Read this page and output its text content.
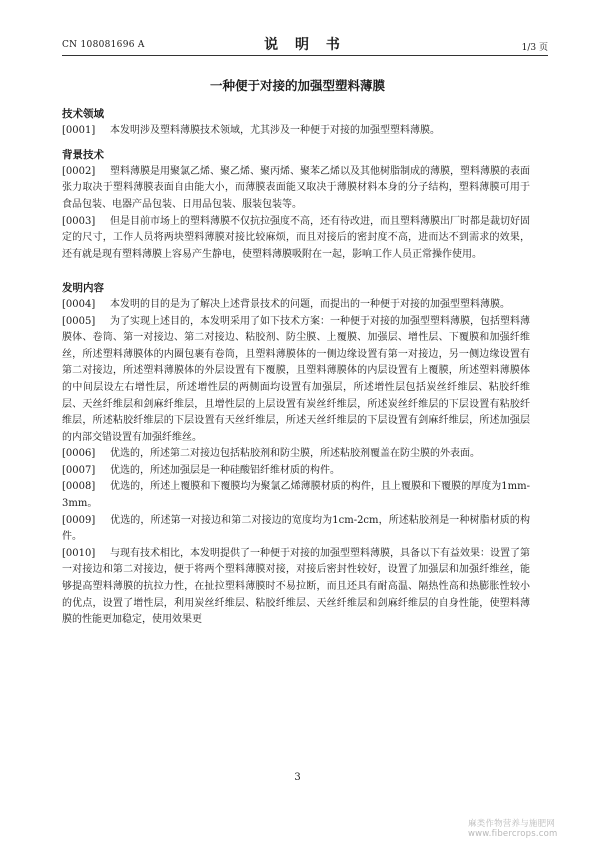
CN 108081696 A	说 明 书	1/3 页
一种便于对接的加强型塑料薄膜
技术领域

[0001] 本发明涉及塑料薄膜技术领域，尤其涉及一种便于对接的加强型塑料薄膜。

背景技术

[0002] 塑料薄膜是用聚氯乙烯、聚乙烯、聚丙烯、聚苯乙烯以及其他树脂制成的薄膜，塑料薄膜的表面张力取决于塑料薄膜表面自由能大小，而薄膜表面能又取决于薄膜材料本身的分子结构，塑料薄膜可用于食品包装、电器产品包装、日用品包装、服装包装等。

[0003] 但是目前市场上的塑料薄膜不仅抗拉强度不高，还有待改进，而且塑料薄膜出厂时都是裁切好固定的尺寸，工作人员将两块塑料薄膜对接比较麻烦，而且对接后的密封度不高，进而达不到需求的效果，还有就是现有塑料薄膜上容易产生静电，使塑料薄膜吸附在一起，影响工作人员正常操作使用。

发明内容

[0004] 本发明的目的是为了解决上述背景技术的问题，而提出的一种便于对接的加强型塑料薄膜。

[0005] 为了实现上述目的，本发明采用了如下技术方案：一种便于对接的加强型塑料薄膜，包括塑料薄膜体、卷筒、第一对接边、第二对接边、粘胶剂、防尘膜、上覆膜、加强层、增性层、下覆膜和加强纤维丝，所述塑料薄膜体的内圈包裹有卷筒，且塑料薄膜体的一侧边缘设置有第一对接边，另一侧边缘设置有第二对接边，所述塑料薄膜体的外层设置有下覆膜，且塑料薄膜体的内层设置有上覆膜，所述塑料薄膜体的中间层设左右增性层，所述增性层的两侧面均设置有加强层，所述增性层包括炭丝纤维层、粘胶纤维层、天丝纤维层和剑麻纤维层，且增性层的上层设置有炭丝纤维层，所述炭丝纤维层的下层设置有粘胶纤维层，所述粘胶纤维层的下层设置有天丝纤维层，所述天丝纤维层的下层设置有剑麻纤维层，所述加强层的内部交错设置有加强纤维丝。

[0006] 优选的，所述第二对接边包括粘胶剂和防尘膜，所述粘胶剂覆盖在防尘膜的外表面。

[0007] 优选的，所述加强层是一种硅酸铝纤维材质的构件。

[0008] 优选的，所述上覆膜和下覆膜均为聚氯乙烯薄膜材质的构件，且上覆膜和下覆膜的厚度为1mm-3mm。

[0009] 优选的，所述第一对接边和第二对接边的宽度均为1cm-2cm，所述粘胶剂是一种树脂材质的构件。

[0010] 与现有技术相比，本发明提供了一种便于对接的加强型塑料薄膜，具备以下有益效果：设置了第一对接边和第二对接边，便于将两个塑料薄膜对接，对接后密封性较好，设置了加强层和加强纤维丝，能够提高塑料薄膜的抗拉力性，在扯拉塑料薄膜时不易拉断，而且还具有耐高温、隔热性高和热膨胀性较小的优点，设置了增性层，利用炭丝纤维层、粘胶纤维层、天丝纤维层和剑麻纤维层的自身性能，使塑料薄膜的性能更加稳定，使用效果更

3
麻类作物营养与施肥网 www.fibercrops.com
